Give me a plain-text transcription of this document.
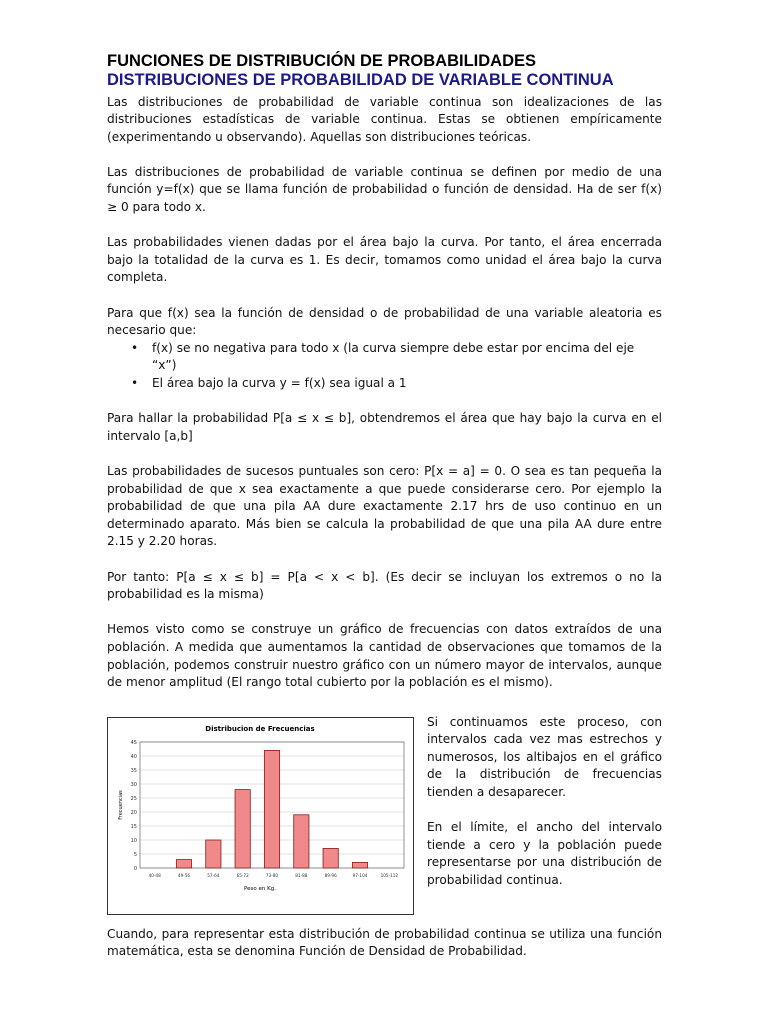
FUNCIONES DE DISTRIBUCIÓN DE PROBABILIDADES
DISTRIBUCIONES DE PROBABILIDAD DE VARIABLE CONTINUA

Las distribuciones de probabilidad de variable continua son idealizaciones de las distribuciones estadísticas de variable continua. Estas se obtienen empíricamente (experimentando u observando). Aquellas son distribuciones teóricas.

Las distribuciones de probabilidad de variable continua se definen por medio de una función y=f(x) que se llama función de probabilidad o función de densidad. Ha de ser f(x) ≥ 0 para todo x.

Las probabilidades vienen dadas por el área bajo la curva. Por tanto, el área encerrada bajo la totalidad de la curva es 1. Es decir, tomamos como unidad el área bajo la curva completa.

Para que f(x) sea la función de densidad o de probabilidad de una variable aleatoria es necesario que:

• f(x) se no negativa para todo x (la curva siempre debe estar por encima del eje “x”)
• El área bajo la curva y = f(x) sea igual a 1

Para hallar la probabilidad P[a ≤ x ≤ b], obtendremos el área que hay bajo la curva en el intervalo [a,b]

Las probabilidades de sucesos puntuales son cero: P[x = a] = 0. O sea es tan pequeña la probabilidad de que x sea exactamente a que puede considerarse cero. Por ejemplo la probabilidad de que una pila AA dure exactamente 2.17 hrs de uso continuo en un determinado aparato. Más bien se calcula la probabilidad de que una pila AA dure entre 2.15 y 2.20 horas.

Por tanto: P[a ≤ x ≤ b] = P[a < x < b]. (Es decir se incluyan los extremos o no la probabilidad es la misma)

Hemos visto como se construye un gráfico de frecuencias con datos extraídos de una población. A medida que aumentamos la cantidad de observaciones que tomamos de la población, podemos construir nuestro gráfico con un número mayor de intervalos, aunque de menor amplitud (El rango total cubierto por la población es el mismo).

Distribucion de Frecuencias
Frecuencias
Peso en Kg.
0
5
10
15
20
25
30
35
40
45
40-48	49-56	57-64	65-72	73-80	81-88	89-96	97-104	105-112

Si continuamos este proceso, con intervalos cada vez mas estrechos y numerosos, los altibajos en el gráfico de la distribución de frecuencias tienden a desaparecer.

En el límite, el ancho del intervalo tiende a cero y la población puede representarse por una distribución de probabilidad continua.

Cuando, para representar esta distribución de probabilidad continua se utiliza una función matemática, esta se denomina Función de Densidad de Probabilidad.
